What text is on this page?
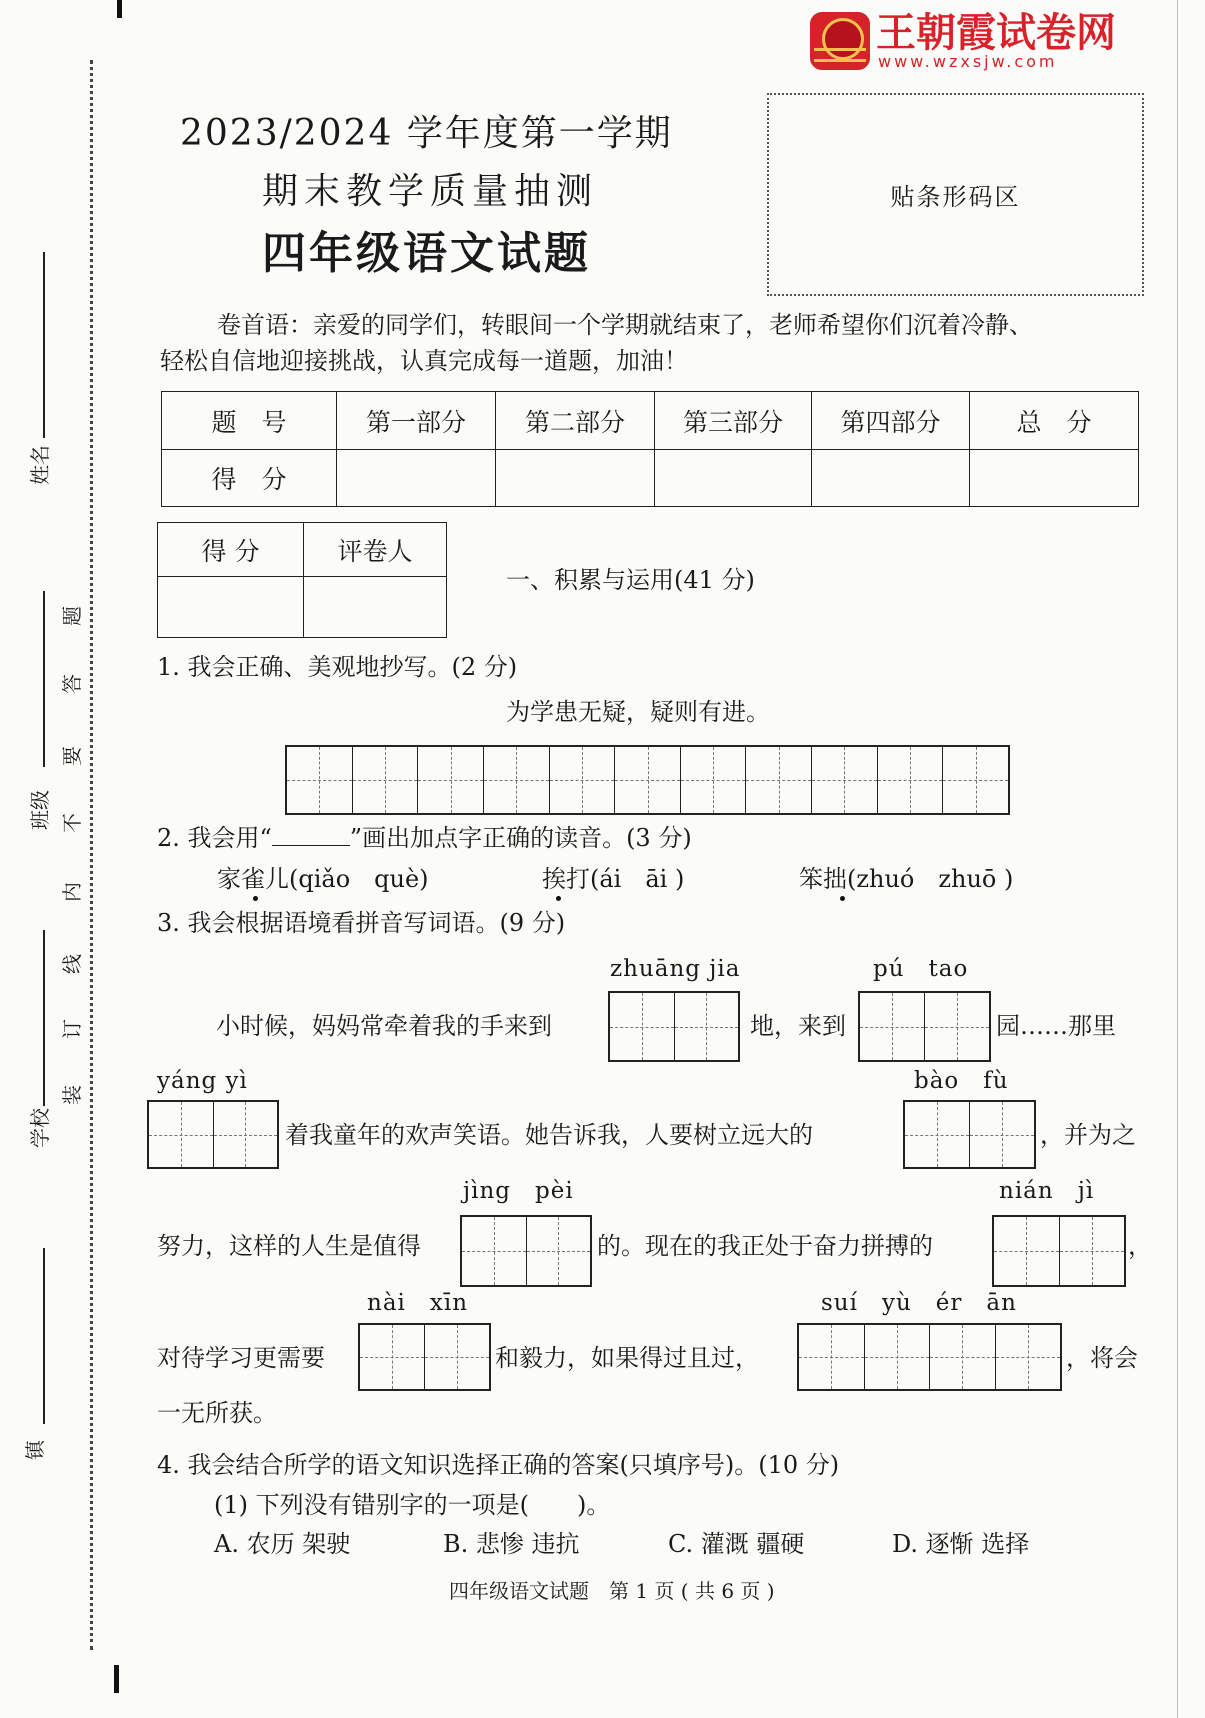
姓名
班级
学校
镇
装
订
线
内
不
要
答
题
王朝霞试卷网
www.wzxsjw.com
2023/2024 学年度第一学期
期末教学质量抽测
四年级语文试题
贴条形码区
卷首语：亲爱的同学们，转眼间一个学期就结束了，老师希望你们沉着冷静、
轻松自信地迎接挑战，认真完成每一道题，加油！
题　号	第一部分	第二部分	第三部分	第四部分	总　分
得　分					
得 分	评卷人

一、积累与运用(41 分)
1. 我会正确、美观地抄写。(2 分)
为学患无疑，疑则有进。
2. 我会用“	”画出加点字正确的读音。(3 分)
家雀儿(qiǎo　què)	挨打(ái　āi )	笨拙(zhuó　zhuō )
3. 我会根据语境看拼音写词语。(9 分)
zhuāng jia	pú　tao
小时候，妈妈常牵着我的手来到	地，来到	园……那里
yáng yì	bào　fù
着我童年的欢声笑语。她告诉我，人要树立远大的	，并为之
jìng　pèi	nián　jì
努力，这样的人生是值得	的。现在的我正处于奋力拼搏的	，
nài　xīn	suí　yù　ér　ān
对待学习更需要	和毅力，如果得过且过，	，将会
一无所获。
4. 我会结合所学的语文知识选择正确的答案(只填序号)。(10 分)
(1) 下列没有错别字的一项是(　　)。
A. 农历 架驶	B. 悲惨 违抗	C. 灌溉 疆硬	D. 逐惭 选择
四年级语文试题　第 1 页 ( 共 6 页 )
